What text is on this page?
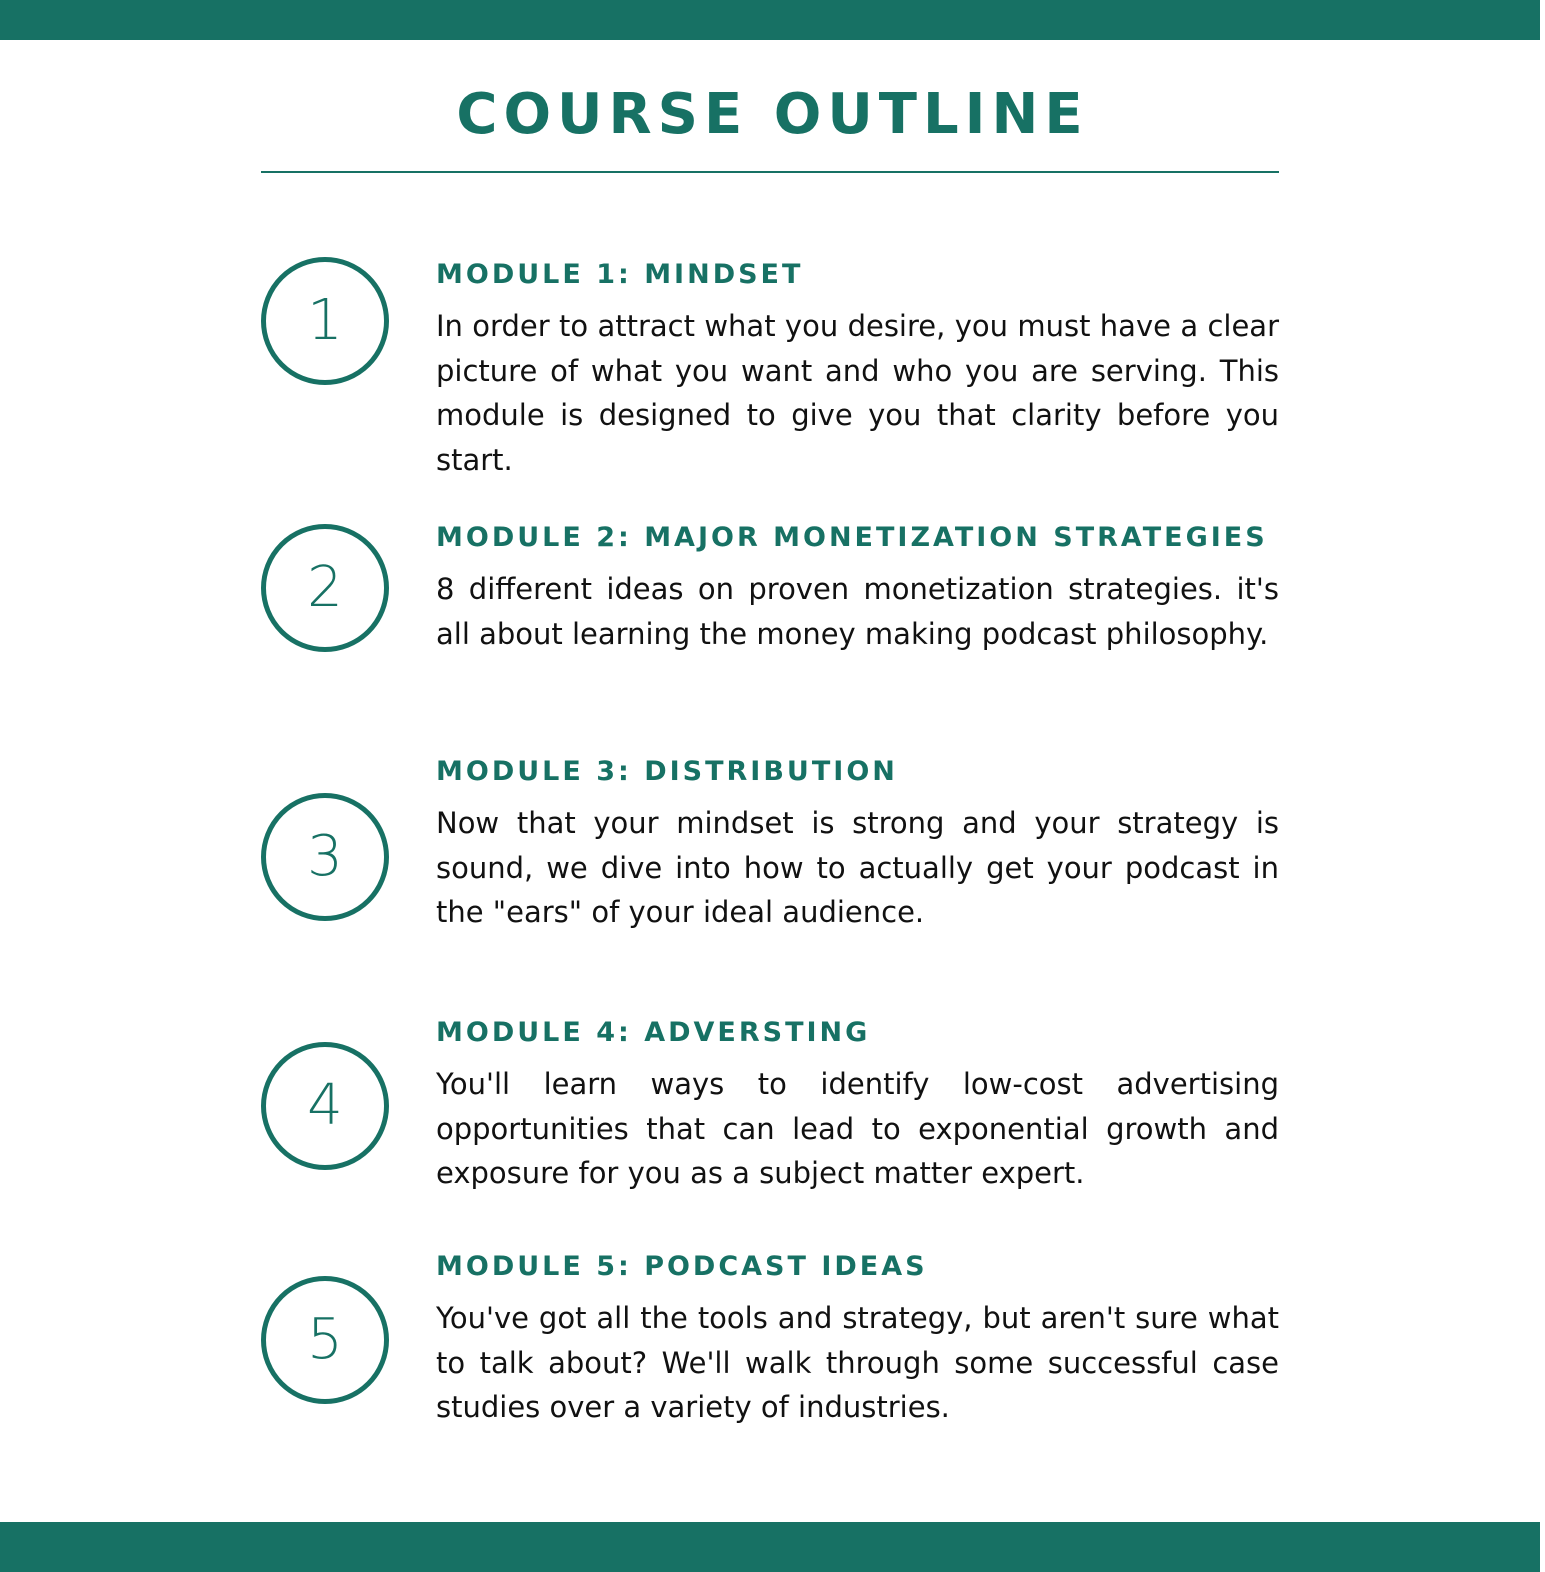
COURSE OUTLINE
1
MODULE 1: MINDSET

In order to attract what you desire, you must have a clear picture of what you want and who you are serving. This module is designed to give you that clarity before you start.

2
MODULE 2: MAJOR MONETIZATION STRATEGIES

8 different ideas on proven monetization strategies. it's all about learning the money making podcast philosophy.

3
MODULE 3: DISTRIBUTION

Now that your mindset is strong and your strategy is sound, we dive into how to actually get your podcast in the "ears" of your ideal audience.

4
MODULE 4: ADVERSTING

You'll learn ways to identify low-cost advertising opportunities that can lead to exponential growth and exposure for you as a subject matter expert.

5
MODULE 5: PODCAST IDEAS

You've got all the tools and strategy, but aren't sure what to talk about? We'll walk through some successful case studies over a variety of industries.
